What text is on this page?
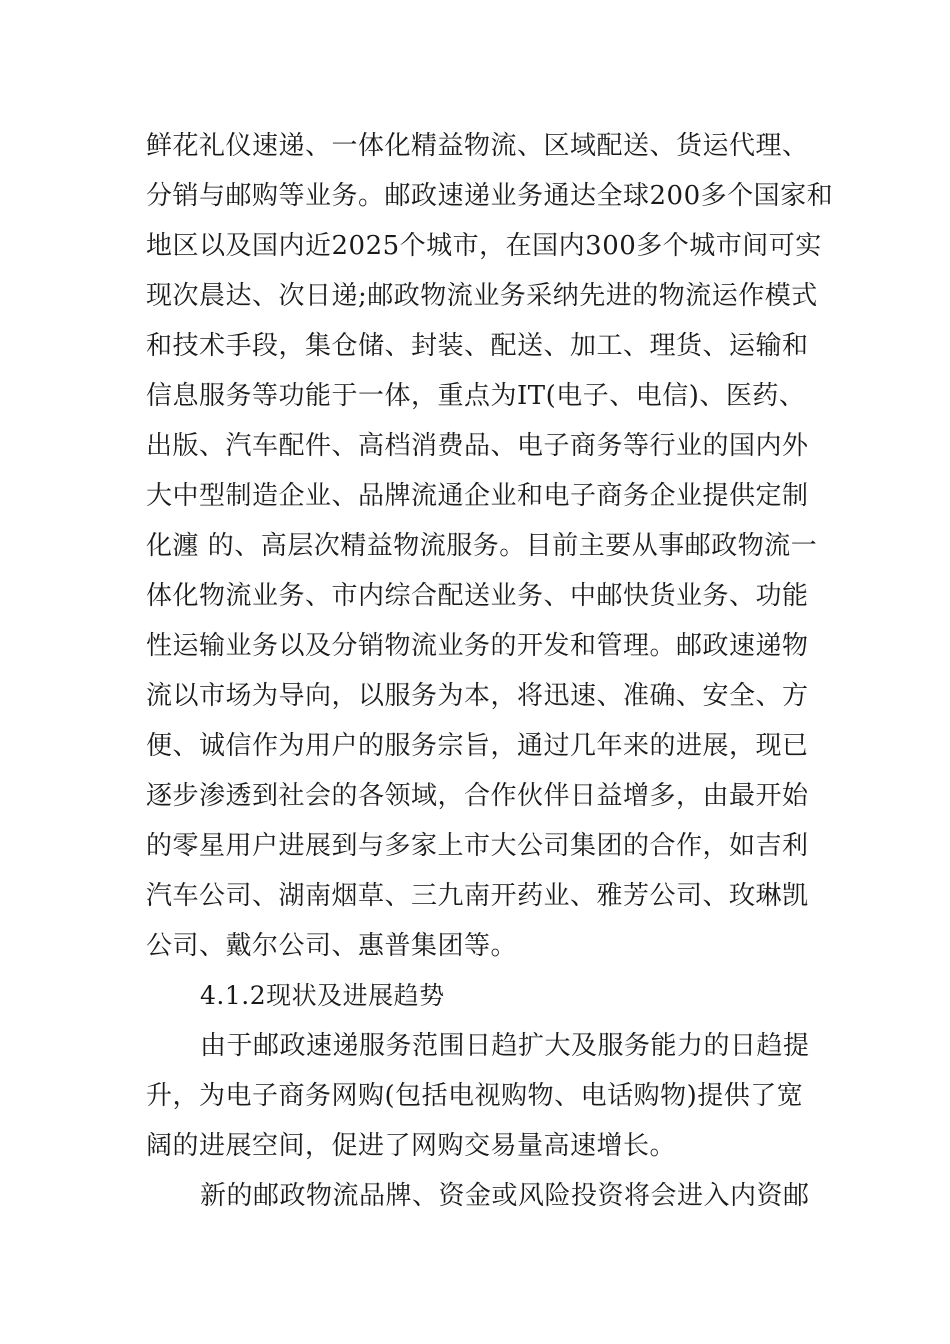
鲜花礼仪速递、一体化精益物流、区域配送、货运代理、
分销与邮购等业务。邮政速递业务通达全球200多个国家和
地区以及国内近2025个城市，在国内300多个城市间可实
现次晨达、次日递;邮政物流业务采纳先进的物流运作模式
和技术手段，集仓储、封装、配送、加工、理货、运输和
信息服务等功能于一体，重点为IT(电子、电信)、医药、
出版、汽车配件、高档消费品、电子商务等行业的国内外
大中型制造企业、品牌流通企业和电子商务企业提供定制
化瀍 的、高层次精益物流服务。目前主要从事邮政物流一
体化物流业务、市内综合配送业务、中邮快货业务、功能
性运输业务以及分销物流业务的开发和管理。邮政速递物
流以市场为导向，以服务为本，将迅速、准确、安全、方
便、诚信作为用户的服务宗旨，通过几年来的进展，现已
逐步渗透到社会的各领域，合作伙伴日益增多，由最开始
的零星用户进展到与多家上市大公司集团的合作，如吉利
汽车公司、湖南烟草、三九南开药业、雅芳公司、玫琳凯
公司、戴尔公司、惠普集团等。
4.1.2现状及进展趋势
由于邮政速递服务范围日趋扩大及服务能力的日趋提
升，为电子商务网购(包括电视购物、电话购物)提供了宽
阔的进展空间，促进了网购交易量高速增长。
新的邮政物流品牌、资金或风险投资将会进入内资邮
